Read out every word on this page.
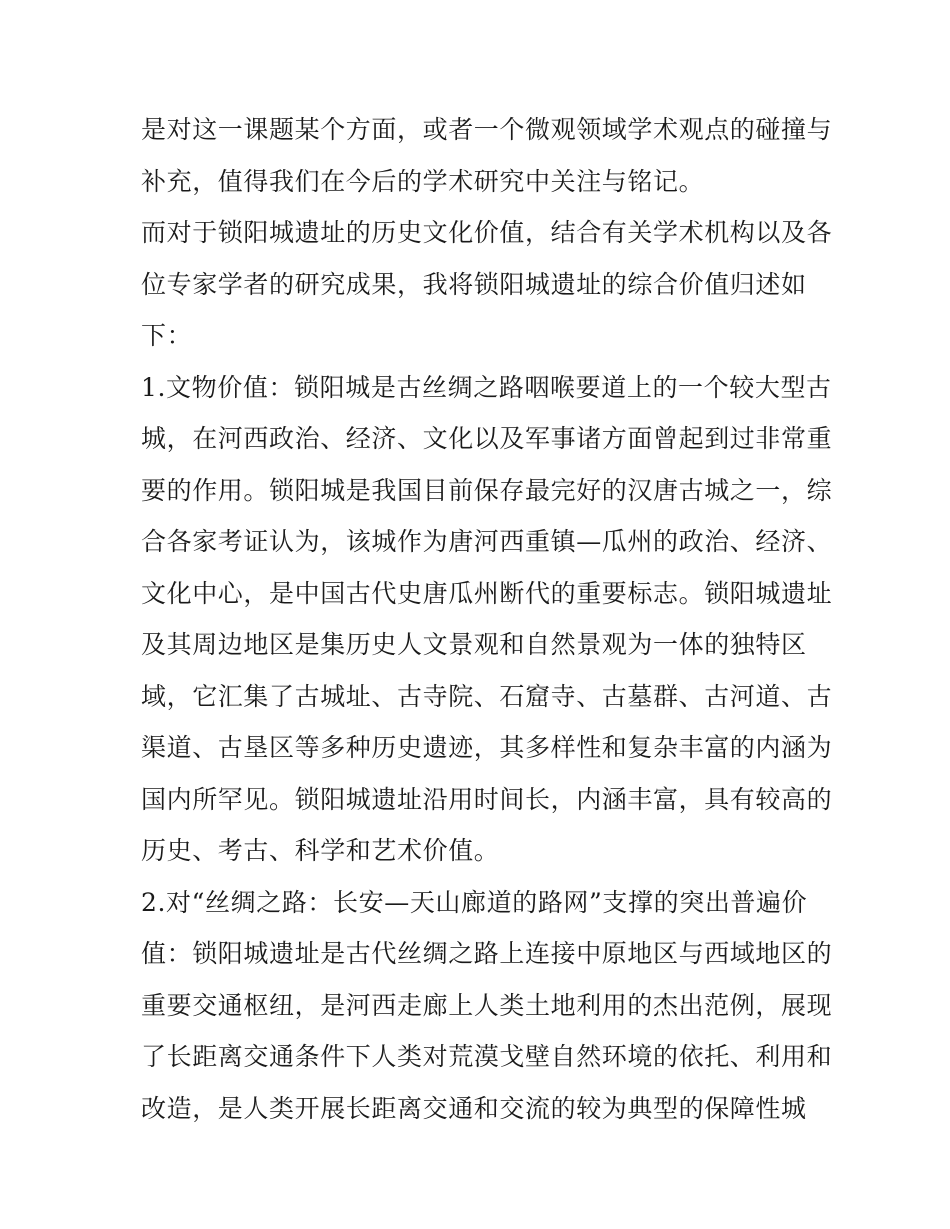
是对这一课题某个方面，或者一个微观领域学术观点的碰撞与
补充，值得我们在今后的学术研究中关注与铭记。
而对于锁阳城遗址的历史文化价值，结合有关学术机构以及各
位专家学者的研究成果，我将锁阳城遗址的综合价值归述如
下：
1.文物价值：锁阳城是古丝绸之路咽喉要道上的一个较大型古
城，在河西政治、经济、文化以及军事诸方面曾起到过非常重
要的作用。锁阳城是我国目前保存最完好的汉唐古城之一，综
合各家考证认为，该城作为唐河西重镇—瓜州的政治、经济、
文化中心，是中国古代史唐瓜州断代的重要标志。锁阳城遗址
及其周边地区是集历史人文景观和自然景观为一体的独特区
域，它汇集了古城址、古寺院、石窟寺、古墓群、古河道、古
渠道、古垦区等多种历史遗迹，其多样性和复杂丰富的内涵为
国内所罕见。锁阳城遗址沿用时间长，内涵丰富，具有较高的
历史、考古、科学和艺术价值。
2.对“丝绸之路：长安—天山廊道的路网”支撑的突出普遍价
值：锁阳城遗址是古代丝绸之路上连接中原地区与西域地区的
重要交通枢纽，是河西走廊上人类土地利用的杰出范例，展现
了长距离交通条件下人类对荒漠戈壁自然环境的依托、利用和
改造，是人类开展长距离交通和交流的较为典型的保障性城
